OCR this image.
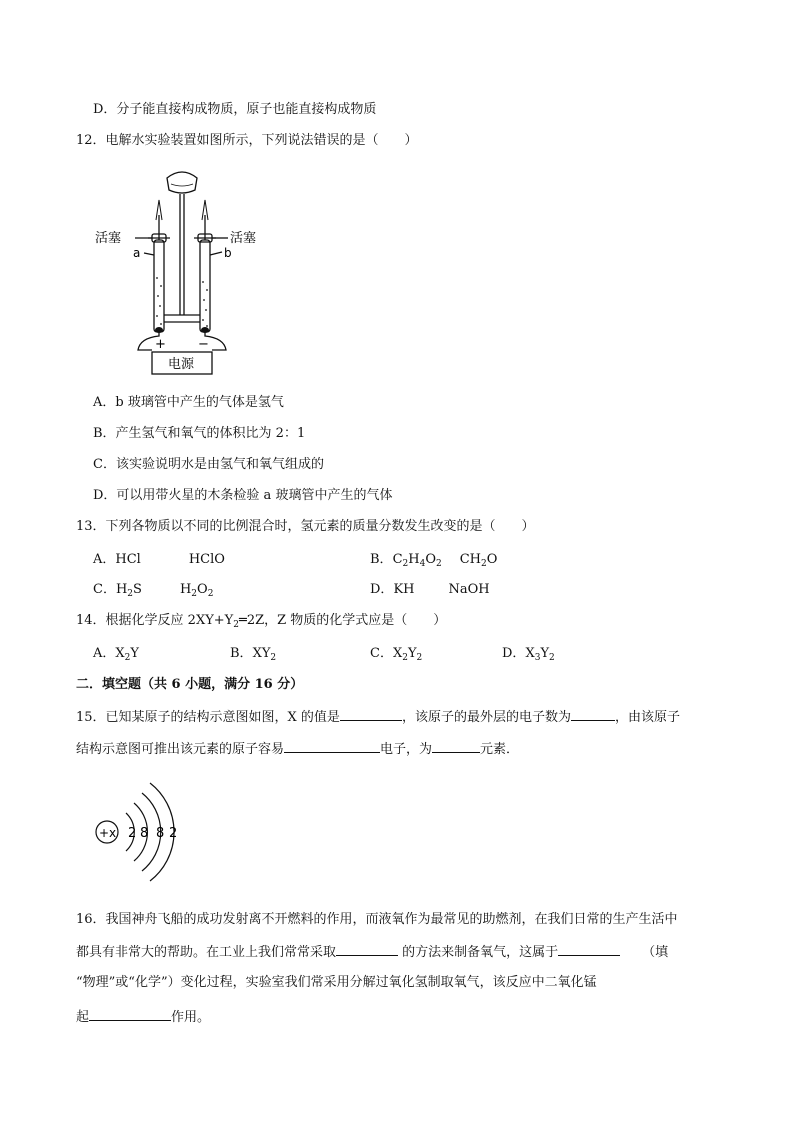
D．分子能直接构成物质，原子也能直接构成物质
12．电解水实验装置如图所示，下列说法错误的是（　　）
活塞	活塞
a	b
+ −
电源
A．b 玻璃管中产生的气体是氢气
B．产生氢气和氧气的体积比为 2：1
C．该实验说明水是由氢气和氧气组成的
D．可以用带火星的木条检验 a 玻璃管中产生的气体
13．下列各物质以不同的比例混合时，氢元素的质量分数发生改变的是（　　）
A．HCl	HClO	B．$C_2H_4O_2$ $CH_2O$
C．$H_2S$	$H_2O_2$	D．KH	NaOH
14．根据化学反应 $2XY+Y_2═2Z$，Z 物质的化学式应是（　　）
A．$X_2Y$	B．$XY_2$	C．$X_2Y_2$	D．$X_3Y_2$
二．填空题（共 6 小题，满分 16 分）
15．已知某原子的结构示意图如图，X 的值是	，该原子的最外层的电子数为	，由该原子
结构示意图可推出该元素的原子容易	电子，为	元素．
+x 2 8 8 2
16．我国神舟飞船的成功发射离不开燃料的作用，而液氧作为最常见的助燃剂，在我们日常的生产生活中
都具有非常大的帮助。在工业上我们常常采取	的方法来制备氧气，这属于	（填
“物理”或“化学”）变化过程，实验室我们常采用分解过氧化氢制取氧气，该反应中二氧化锰
起	作用。
